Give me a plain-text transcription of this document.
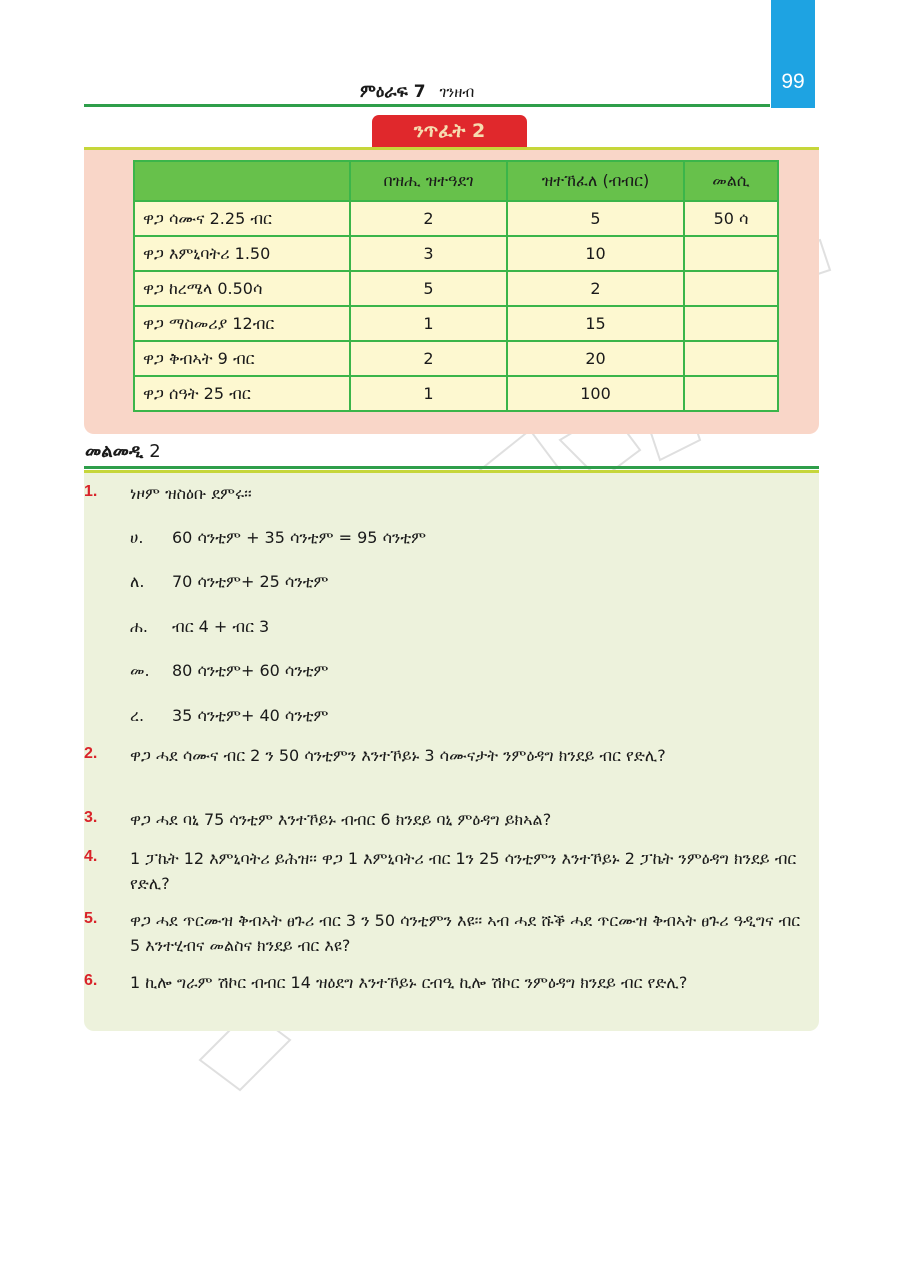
99
ምዕራፍ 7 ገንዘብ
ንጥፈት 2
	በዝሒ ዝተዓደገ	ዝተኸፈለ (ብብር)	መልሲ
ዋጋ ሳሙና 2.25 ብር	2	5	50 ሳ
ዋጋ እምኒባትሪ 1.50	3	10	
ዋጋ ከረሜላ 0.50ሳ	5	2	
ዋጋ ማስመሪያ 12ብር	1	15	
ዋጋ ቅብኣት 9 ብር	2	20	
ዋጋ ሰዓት 25 ብር	1	100	
መልመዲ 2
1. ነዞም ዝስዕቡ ደምሩ፡፡
ሀ. 60 ሳንቲም + 35 ሳንቲም = 95 ሳንቲም
ለ. 70 ሳንቲም+ 25 ሳንቲም
ሐ. ብር 4 + ብር 3
መ. 80 ሳንቲም+ 60 ሳንቲም
ረ. 35 ሳንቲም+ 40 ሳንቲም
2. ዋጋ ሓደ ሳሙና ብር 2 ን 50 ሳንቲምን እንተኾይኑ 3 ሳሙናታት ንምዕዳግ ክንደይ ብር የድሊ?
3. ዋጋ ሓደ ባኒ 75 ሳንቲም እንተኾይኑ ብብር 6 ክንደይ ባኒ ምዕዳግ ይክኣል?
4. 1 ፓኬት 12 እምኒባትሪ ይሕዝ፡፡ ዋጋ 1 እምኒባትሪ ብር 1ን 25 ሳንቲምን እንተኾይኑ 2 ፓኬት ንምዕዳግ ክንደይ ብር የድሊ?
5. ዋጋ ሓደ ጥርሙዝ ቅብኣት ፀጉሪ ብር 3 ን 50 ሳንቲምን እዩ፡፡ ኣብ ሓደ ሹቕ ሓደ ጥርሙዝ ቅብኣት ፀጉሪ ዓዲግና ብር 5 እንተሂብና መልስና ክንደይ ብር እዩ?
6. 1 ኪሎ ግራም ሽኮር ብብር 14 ዝዕደግ እንተኾይኑ ርብዒ ኪሎ ሽኮር ንምዕዳግ ክንደይ ብር የድሊ?
